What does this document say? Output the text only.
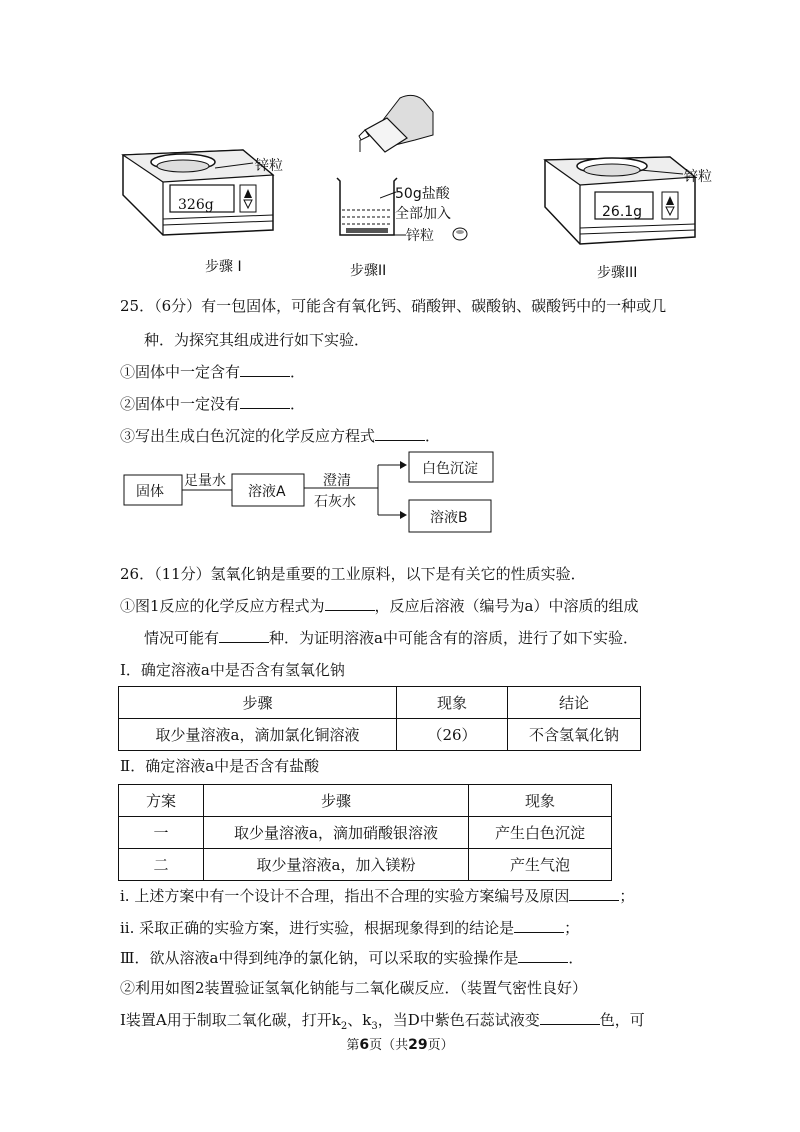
326g
锌粒
步骤 I
50g盐酸
全部加入
锌粒
步骤II
26.1g
锌粒
步骤III
25．（6分）有一包固体，可能含有氧化钙、硝酸钾、碳酸钠、碳酸钙中的一种或几
种．为探究其组成进行如下实验．
①固体中一定含有	．
②固体中一定没有	．
③写出生成白色沉淀的化学反应方程式	．
固体
足量水
溶液A
澄清
石灰水
白色沉淀
溶液B
26．（11分）氢氧化钠是重要的工业原料，以下是有关它的性质实验．
①图1反应的化学反应方程式为	，反应后溶液（编号为a）中溶质的组成
情况可能有	种．为证明溶液a中可能含有的溶质，进行了如下实验．
Ⅰ．确定溶液a中是否含有氢氧化钠
步骤	现象	结论
取少量溶液a，滴加氯化铜溶液	（26）	不含氢氧化钠
Ⅱ．确定溶液a中是否含有盐酸
方案	步骤	现象
一	取少量溶液a，滴加硝酸银溶液	产生白色沉淀
二	取少量溶液a，加入镁粉	产生气泡
i. 上述方案中有一个设计不合理，指出不合理的实验方案编号及原因	；
ii. 采取正确的实验方案，进行实验，根据现象得到的结论是	；
Ⅲ．欲从溶液a中得到纯净的氯化钠，可以采取的实验操作是	．
②利用如图2装置验证氢氧化钠能与二氧化碳反应．（装置气密性良好）
Ⅰ装置A用于制取二氧化碳，打开$k_2$、$k_3$，当D中紫色石蕊试液变	色，可
第6页（共29页）
